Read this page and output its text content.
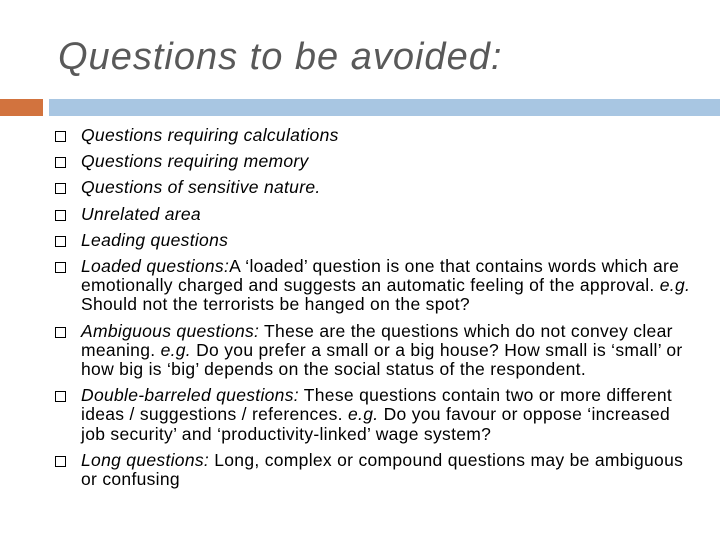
Questions to be avoided:
Questions requiring calculations
Questions requiring memory
Questions of sensitive nature.
Unrelated area
Leading questions
Loaded questions:A ‘loaded’ question is one that contains words which are emotionally charged and suggests an automatic feeling of the approval. e.g. Should not the terrorists be hanged on the spot?
Ambiguous questions: These are the questions which do not convey clear meaning. e.g. Do you prefer a small or a big house? How small is ‘small’ or how big is ‘big’ depends on the social status of the respondent.
Double-barreled questions: These questions contain two or more different ideas / suggestions / references. e.g. Do you favour or oppose ‘increased job security’ and ‘productivity-linked’ wage system?
Long questions: Long, complex or compound questions may be ambiguous or confusing
